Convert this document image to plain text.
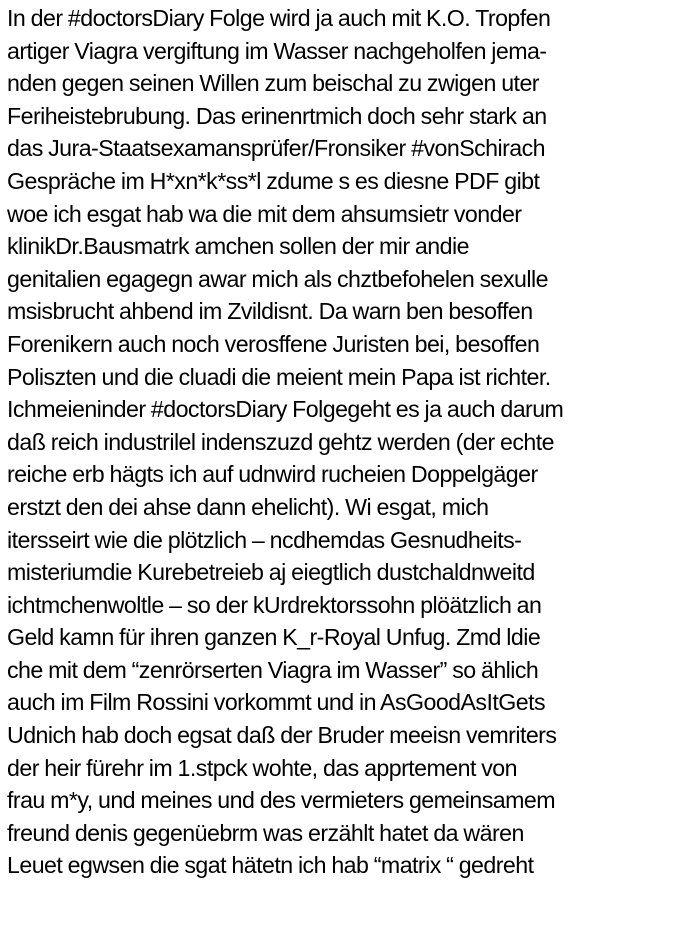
In der #doctorsDiary Folge wird ja auch mit K.O. Tropfen
artiger Viagra vergiftung im Wasser nachgeholfen jema-
nden gegen seinen Willen zum beischal zu zwigen uter
Feriheistebrubung. Das erinenrtmich doch sehr stark an
das Jura-Staatsexamansprüfer/Fronsiker #vonSchirach
Gespräche im H*xn*k*ss*l zdume s es diesne PDF gibt
woe ich esgat hab wa die mit dem ahsumsietr vonder
klinikDr.Bausmatrk amchen sollen der mir andie
genitalien egagegn awar mich als chztbefohelen sexulle
msisbrucht ahbend im Zvildisnt. Da warn ben besoffen
Forenikern auch noch verosffene Juristen bei, besoffen
Poliszten und die cluadi die meient mein Papa ist richter.
Ichmeieninder #doctorsDiary Folgegeht es ja auch darum
daß reich industrilel indenszuzd gehtz werden (der echte
reiche erb hägts ich auf udnwird rucheien Doppelgäger
erstzt den dei ahse dann ehelicht). Wi esgat, mich
itersseirt wie die plötzlich – ncdhemdas Gesnudheits-
misteriumdie Kurebetreieb aj eiegtlich dustchaldnweitd
ichtmchenwoltle – so der kUrdrektorssohn plöätzlich an
Geld kamn für ihren ganzen K_r-Royal Unfug. Zmd ldie
che mit dem “zenrörserten Viagra im Wasser” so ählich
auch im Film Rossini vorkommt und in AsGoodAsItGets
Udnich hab doch egsat daß der Bruder meeisn vemriters
der heir fürehr im 1.stpck wohte, das apprtement von
frau m*y, und meines und des vermieters gemeinsamem
freund denis gegenüebrm was erzählt hatet da wären
Leuet egwsen die sgat hätetn ich hab “matrix “ gedreht
